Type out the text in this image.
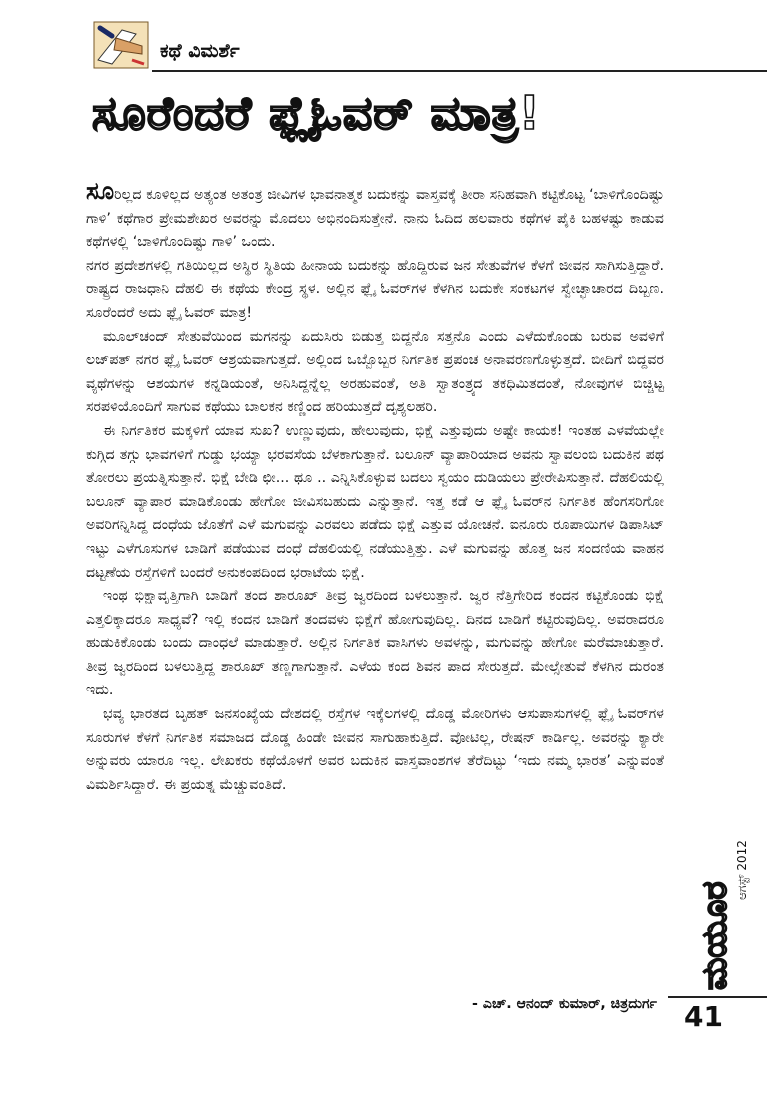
ಕಥೆ ವಿಮರ್ಶೆ
ಸೂರೆಂದರೆ ಫ್ಲೈಓವರ್ ಮಾತ್ರ!

ಸೂರಿಲ್ಲದ ಕೂಳಿಲ್ಲದ ಅತ್ಯಂತ ಅತಂತ್ರ ಜೀವಿಗಳ ಭಾವನಾತ್ಮಕ ಬದುಕನ್ನು ವಾಸ್ತವಕ್ಕೆ ತೀರಾ ಸನಿಹವಾಗಿ ಕಟ್ಟಿಕೊಟ್ಟ ‘ಬಾಳಿಗೊಂದಿಷ್ಟು ಗಾಳಿ’ ಕಥೆಗಾರ ಪ್ರೇಮಶೇಖರ ಅವರನ್ನು ಮೊದಲು ಅಭಿನಂದಿಸುತ್ತೇನೆ. ನಾನು ಓದಿದ ಹಲವಾರು ಕಥೆಗಳ ಪೈಕಿ ಬಹಳಷ್ಟು ಕಾಡುವ ಕಥೆಗಳಲ್ಲಿ ‘ಬಾಳಿಗೊಂದಿಷ್ಟು ಗಾಳಿ’ ಒಂದು.

ನಗರ ಪ್ರದೇಶಗಳಲ್ಲಿ ಗತಿಯಿಲ್ಲದ ಅಸ್ಥಿರ ಸ್ಥಿತಿಯ ಹೀನಾಯ ಬದುಕನ್ನು ಹೊದ್ದಿರುವ ಜನ ಸೇತುವೆಗಳ ಕೆಳಗೆ ಜೀವನ ಸಾಗಿಸುತ್ತಿದ್ದಾರೆ. ರಾಷ್ಟ್ರದ ರಾಜಧಾನಿ ದೆಹಲಿ ಈ ಕಥೆಯ ಕೇಂದ್ರ ಸ್ಥಳ. ಅಲ್ಲಿನ ಫ್ಲೈ ಓವರ್‌ಗಳ ಕೆಳಗಿನ ಬದುಕೇ ಸಂಕಟಗಳ ಸ್ವೇಚ್ಛಾಚಾರದ ದಿಬ್ಬಣ. ಸೂರೆಂದರೆ ಅದು ಫ್ಲೈ ಓವರ್ ಮಾತ್ರ!

ಮೂಲ್‌ಚಂದ್ ಸೇತುವೆಯಿಂದ ಮಗನನ್ನು ಏದುಸಿರು ಬಿಡುತ್ತ ಬಿದ್ದನೊ ಸತ್ತನೊ ಎಂದು ಎಳೆದುಕೊಂಡು ಬರುವ ಅವಳಿಗೆ ಲಜ್‌ಪತ್ ನಗರ ಫ್ಲೈ ಓವರ್ ಆಶ್ರಯವಾಗುತ್ತದೆ. ಅಲ್ಲಿಂದ ಒಬ್ಬೊಬ್ಬರ ನಿರ್ಗತಿಕ ಪ್ರಪಂಚ ಅನಾವರಣಗೊಳ್ಳುತ್ತದೆ. ಬೀದಿಗೆ ಬಿದ್ದವರ ವ್ಯಥೆಗಳನ್ನು ಆಶಯಗಳ ಕನ್ನಡಿಯಂತೆ, ಅನಿಸಿದ್ದನ್ನೆಲ್ಲ ಅರಹುವಂತೆ, ಅತಿ ಸ್ವಾತಂತ್ರ್ಯದ ತಕಧಿಮಿತದಂತೆ, ನೋವುಗಳ ಬಿಚ್ಚಿಟ್ಟ ಸರಪಳಿಯೊಂದಿಗೆ ಸಾಗುವ ಕಥೆಯು ಬಾಲಕನ ಕಣ್ಣಿಂದ ಹರಿಯುತ್ತದೆ ದೃಶ್ಯಲಹರಿ.

ಈ ನಿರ್ಗತಿಕರ ಮಕ್ಕಳಿಗೆ ಯಾವ ಸುಖ? ಉಣ್ಣುವುದು, ಹೇಲುವುದು, ಭಿಕ್ಷೆ ಎತ್ತುವುದು ಅಷ್ಟೇ ಕಾಯಕ! ಇಂತಹ ಎಳವೆಯಲ್ಲೇ ಕುಗ್ಗಿದ ತಗ್ಗು ಭಾವಗಳಿಗೆ ಗುಡ್ಡು ಭಯ್ಯಾ ಭರವಸೆಯ ಬೆಳಕಾಗುತ್ತಾನೆ. ಬಲೂನ್ ವ್ಯಾಪಾರಿಯಾದ ಅವನು ಸ್ವಾವಲಂಬಿ ಬದುಕಿನ ಪಥ ತೋರಲು ಪ್ರಯತ್ನಿಸುತ್ತಾನೆ. ಭಿಕ್ಷೆ ಬೇಡಿ ಛೀ... ಥೂ .. ಎನ್ನಿಸಿಕೊಳ್ಳುವ ಬದಲು ಸ್ವಯಂ ದುಡಿಯಲು ಪ್ರೇರೇಪಿಸುತ್ತಾನೆ. ದೆಹಲಿಯಲ್ಲಿ ಬಲೂನ್ ವ್ಯಾಪಾರ ಮಾಡಿಕೊಂಡು ಹೇಗೋ ಜೀವಿಸಬಹುದು ಎನ್ನುತ್ತಾನೆ. ಇತ್ತ ಕಡೆ ಆ ಫ್ಲೈ ಓವರ್‌ನ ನಿರ್ಗತಿಕ ಹೆಂಗಸರಿಗೋ ಅವರಿಗನ್ನಿಸಿದ್ದ ದಂಧೆಯ ಜೊತೆಗೆ ಎಳೆ ಮಗುವನ್ನು ಎರವಲು ಪಡೆದು ಭಿಕ್ಷೆ ಎತ್ತುವ ಯೋಚನೆ. ಐನೂರು ರೂಪಾಯಿಗಳ ಡಿಪಾಸಿಟ್ ಇಟ್ಟು ಎಳೆಗೂಸುಗಳ ಬಾಡಿಗೆ ಪಡೆಯುವ ದಂಧೆ ದೆಹಲಿಯಲ್ಲಿ ನಡೆಯುತ್ತಿತ್ತು. ಎಳೆ ಮಗುವನ್ನು ಹೊತ್ತ ಜನ ಸಂದಣಿಯ ವಾಹನ ದಟ್ಟಣೆಯ ರಸ್ತೆಗಳಿಗೆ ಬಂದರೆ ಅನುಕಂಪದಿಂದ ಭರಾಟೆಯ ಭಿಕ್ಷೆ.

ಇಂಥ ಭಿಕ್ಷಾವೃತ್ತಿಗಾಗಿ ಬಾಡಿಗೆ ತಂದ ಶಾರೂಖ್ ತೀವ್ರ ಜ್ವರದಿಂದ ಬಳಲುತ್ತಾನೆ. ಜ್ವರ ನೆತ್ತಿಗೇರಿದ ಕಂದನ ಕಟ್ಟಿಕೊಂಡು ಭಿಕ್ಷೆ ಎತ್ತಲಿಕ್ಕಾದರೂ ಸಾಧ್ಯವೆ? ಇಲ್ಲಿ ಕಂದನ ಬಾಡಿಗೆ ತಂದವಳು ಭಿಕ್ಷೆಗೆ ಹೋಗುವುದಿಲ್ಲ. ದಿನದ ಬಾಡಿಗೆ ಕಟ್ಟಿರುವುದಿಲ್ಲ. ಅವರಾದರೂ ಹುಡುಕಿಕೊಂಡು ಬಂದು ದಾಂಧಲೆ ಮಾಡುತ್ತಾರೆ. ಅಲ್ಲಿನ ನಿರ್ಗತಿಕ ವಾಸಿಗಳು ಅವಳನ್ನು, ಮಗುವನ್ನು ಹೇಗೋ ಮರೆಮಾಚುತ್ತಾರೆ. ತೀವ್ರ ಜ್ವರದಿಂದ ಬಳಲುತ್ತಿದ್ದ ಶಾರೂಖ್ ತಣ್ಣಗಾಗುತ್ತಾನೆ. ಎಳೆಯ ಕಂದ ಶಿವನ ಪಾದ ಸೇರುತ್ತದೆ. ಮೇಲ್ಸೇತುವೆ ಕೆಳಗಿನ ದುರಂತ ಇದು.

ಭವ್ಯ ಭಾರತದ ಬೃಹತ್ ಜನಸಂಖ್ಯೆಯ ದೇಶದಲ್ಲಿ ರಸ್ತೆಗಳ ಇಕ್ಕೆಲಗಳಲ್ಲಿ ದೊಡ್ಡ ಮೋರಿಗಳು ಆಸುಪಾಸುಗಳಲ್ಲಿ ಫ್ಲೈ ಓವರ್‌ಗಳ ಸೂರುಗಳ ಕೆಳಗೆ ನಿರ್ಗತಿಕ ಸಮಾಜದ ದೊಡ್ಡ ಹಿಂಡೇ ಜೀವನ ಸಾಗುಹಾಕುತ್ತಿದೆ. ವೋಟಿಲ್ಲ, ರೇಷನ್ ಕಾರ್ಡಿಲ್ಲ. ಅವರನ್ನು ಕ್ಯಾರೇ ಅನ್ನುವರು ಯಾರೂ ಇಲ್ಲ. ಲೇಖಕರು ಕಥೆಯೊಳಗೆ ಅವರ ಬದುಕಿನ ವಾಸ್ತವಾಂಶಗಳ ತೆರೆದಿಟ್ಟು ‘ಇದು ನಮ್ಮ ಭಾರತ’ ಎನ್ನುವಂತೆ ವಿಮರ್ಶಿಸಿದ್ದಾರೆ. ಈ ಪ್ರಯತ್ನ ಮೆಚ್ಚುವಂತಿದೆ.

- ಎಚ್. ಆನಂದ್ ಕುಮಾರ್, ಚಿತ್ರದುರ್ಗ
ಮಯೂರ
ಆಗಸ್ಟ್ 2012
41
